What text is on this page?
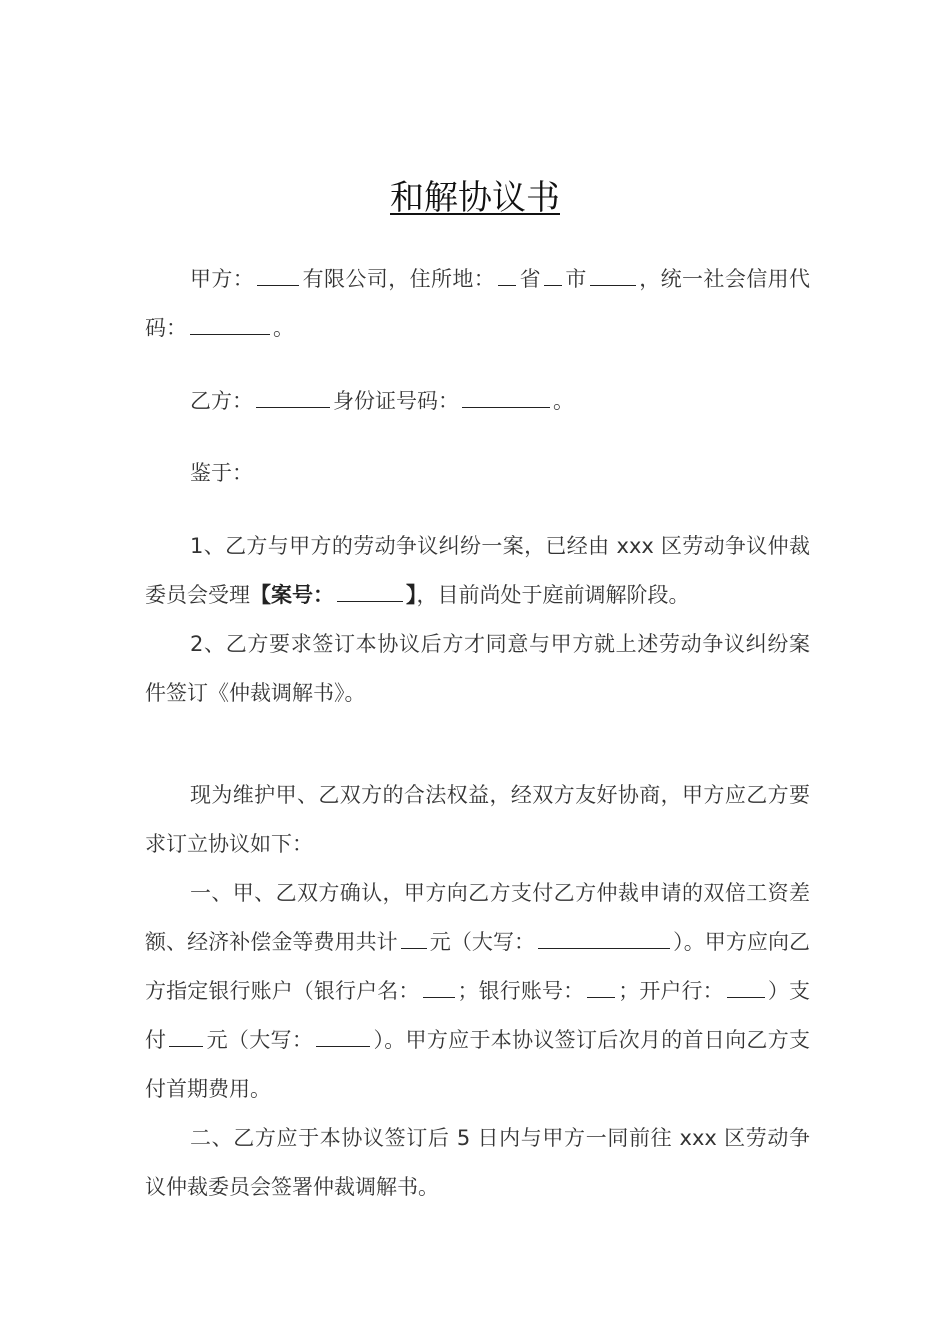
和解协议书

甲方： 有限公司，住所地： 省 市 ，统一社会信用代码：	。

乙方：	身份证号码：	。

鉴于：

1、乙方与甲方的劳动争议纠纷一案，已经由 xxx 区劳动争议仲裁委员会受理【案号：	】，目前尚处于庭前调解阶段。

2、乙方要求签订本协议后方才同意与甲方就上述劳动争议纠纷案件签订《仲裁调解书》。

现为维护甲、乙双方的合法权益，经双方友好协商，甲方应乙方要求订立协议如下：

一、甲、乙双方确认，甲方向乙方支付乙方仲裁申请的双倍工资差额、经济补偿金等费用共计 元（大写：	）。甲方应向乙方指定银行账户（银行户名： ；银行账号： ；开户行： ）支付 元（大写：	）。甲方应于本协议签订后次月的首日向乙方支付首期费用。

二、乙方应于本协议签订后 5 日内与甲方一同前往 xxx 区劳动争议仲裁委员会签署仲裁调解书。
